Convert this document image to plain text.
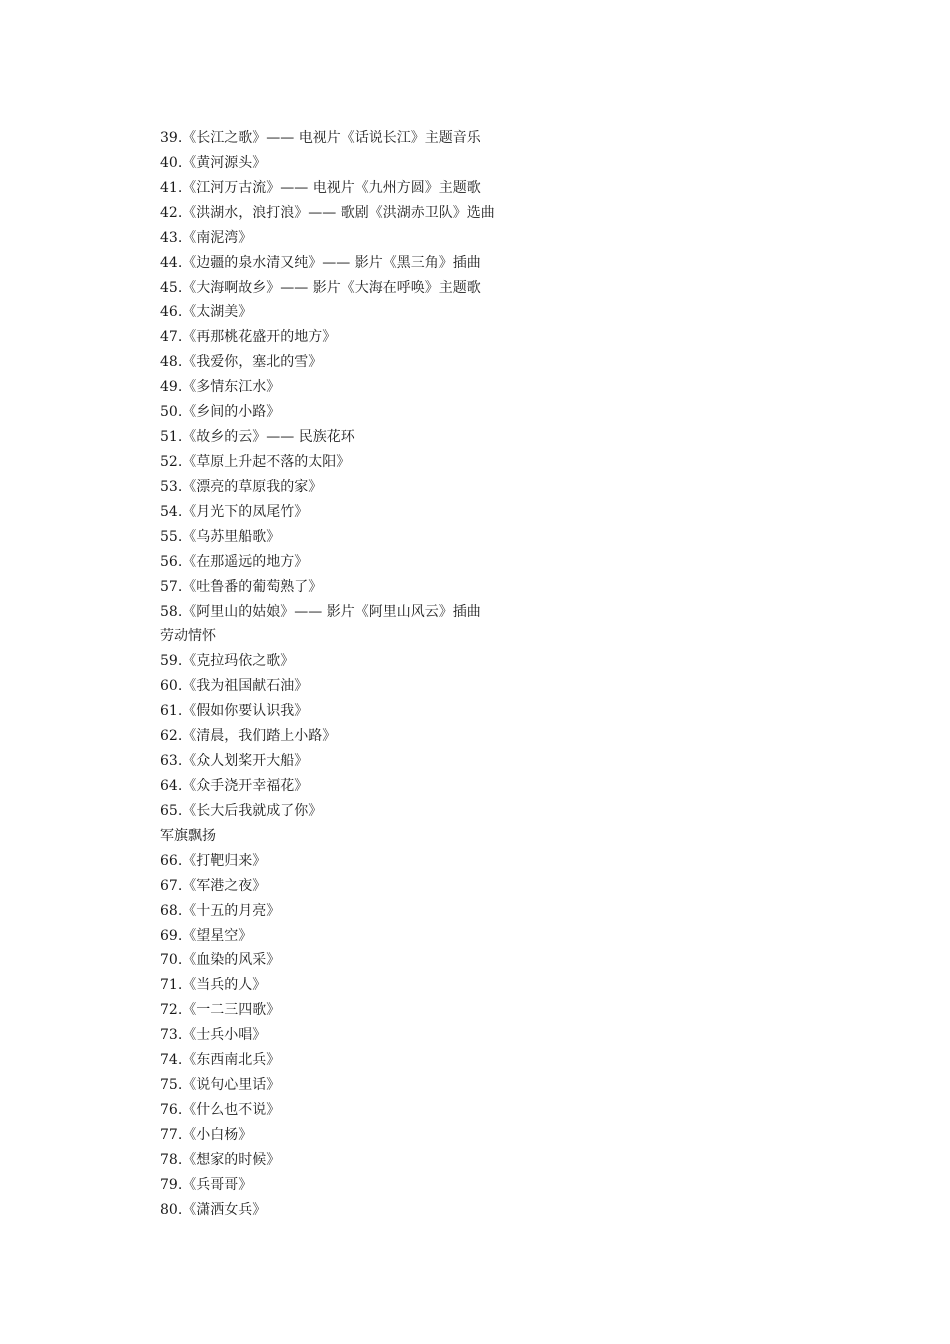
39.《长江之歌》—— 电视片《话说长江》主题音乐
40.《黄河源头》
41.《江河万古流》—— 电视片《九州方圆》主题歌
42.《洪湖水，浪打浪》—— 歌剧《洪湖赤卫队》选曲
43.《南泥湾》
44.《边疆的泉水清又纯》—— 影片《黑三角》插曲
45.《大海啊故乡》—— 影片《大海在呼唤》主题歌
46.《太湖美》
47.《再那桃花盛开的地方》
48.《我爱你，塞北的雪》
49.《多情东江水》
50.《乡间的小路》
51.《故乡的云》—— 民族花环
52.《草原上升起不落的太阳》
53.《漂亮的草原我的家》
54.《月光下的凤尾竹》
55.《乌苏里船歌》
56.《在那遥远的地方》
57.《吐鲁番的葡萄熟了》
58.《阿里山的姑娘》—— 影片《阿里山风云》插曲
劳动情怀
59.《克拉玛依之歌》
60.《我为祖国献石油》
61.《假如你要认识我》
62.《清晨，我们踏上小路》
63.《众人划桨开大船》
64.《众手浇开幸福花》
65.《长大后我就成了你》
军旗飘扬
66.《打靶归来》
67.《军港之夜》
68.《十五的月亮》
69.《望星空》
70.《血染的风采》
71.《当兵的人》
72.《一二三四歌》
73.《士兵小唱》
74.《东西南北兵》
75.《说句心里话》
76.《什么也不说》
77.《小白杨》
78.《想家的时候》
79.《兵哥哥》
80.《潇洒女兵》
